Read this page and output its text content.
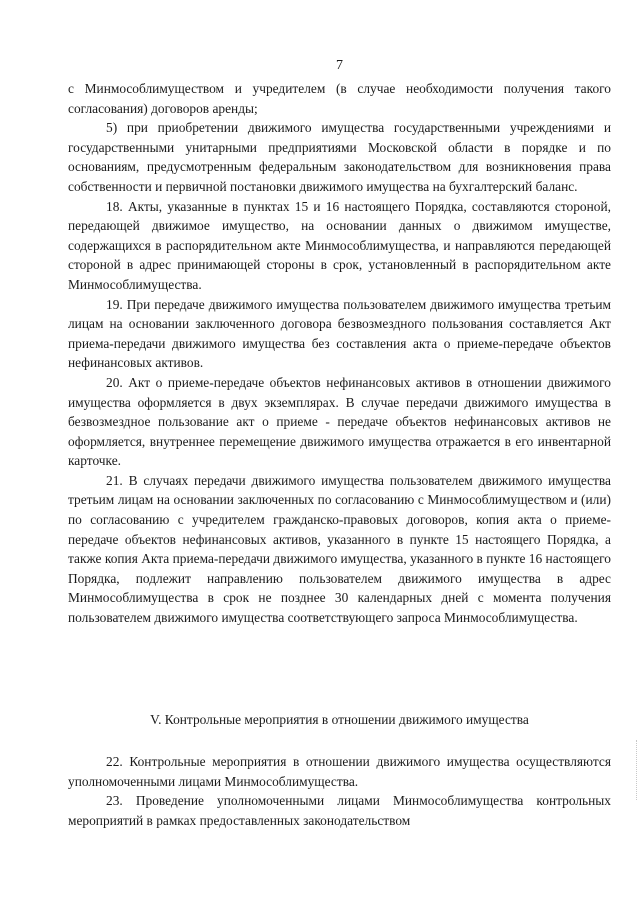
7

с Минмособлимуществом и учредителем (в случае необходимости получения такого согласования) договоров аренды;

5) при приобретении движимого имущества государственными учреждениями и государственными унитарными предприятиями Московской области в порядке и по основаниям, предусмотренным федеральным законодательством для возникновения права собственности и первичной постановки движимого имущества на бухгалтерский баланс.

18. Акты, указанные в пунктах 15 и 16 настоящего Порядка, составляются стороной, передающей движимое имущество, на основании данных о движимом имуществе, содержащихся в распорядительном акте Минмособлимущества, и направляются передающей стороной в адрес принимающей стороны в срок, установленный в распорядительном акте Минмособлимущества.

19. При передаче движимого имущества пользователем движимого имущества третьим лицам на основании заключенного договора безвозмездного пользования составляется Акт приема-передачи движимого имущества без составления акта о приеме-передаче объектов нефинансовых активов.

20. Акт о приеме-передаче объектов нефинансовых активов в отношении движимого имущества оформляется в двух экземплярах. В случае передачи движимого имущества в безвозмездное пользование акт о приеме - передаче объектов нефинансовых активов не оформляется, внутреннее перемещение движимого имущества отражается в его инвентарной карточке.

21. В случаях передачи движимого имущества пользователем движимого имущества третьим лицам на основании заключенных по согласованию с Минмособлимуществом и (или) по согласованию с учредителем гражданско-правовых договоров, копия акта о приеме-передаче объектов нефинансовых активов, указанного в пункте 15 настоящего Порядка, а также копия Акта приема-передачи движимого имущества, указанного в пункте 16 настоящего Порядка, подлежит направлению пользователем движимого имущества в адрес Минмособлимущества в срок не позднее 30 календарных дней с момента получения пользователем движимого имущества соответствующего запроса Минмособлимущества.

V. Контрольные мероприятия в отношении движимого имущества

22. Контрольные мероприятия в отношении движимого имущества осуществляются уполномоченными лицами Минмособлимущества.

23. Проведение уполномоченными лицами Минмособлимущества контрольных мероприятий в рамках предоставленных законодательством
